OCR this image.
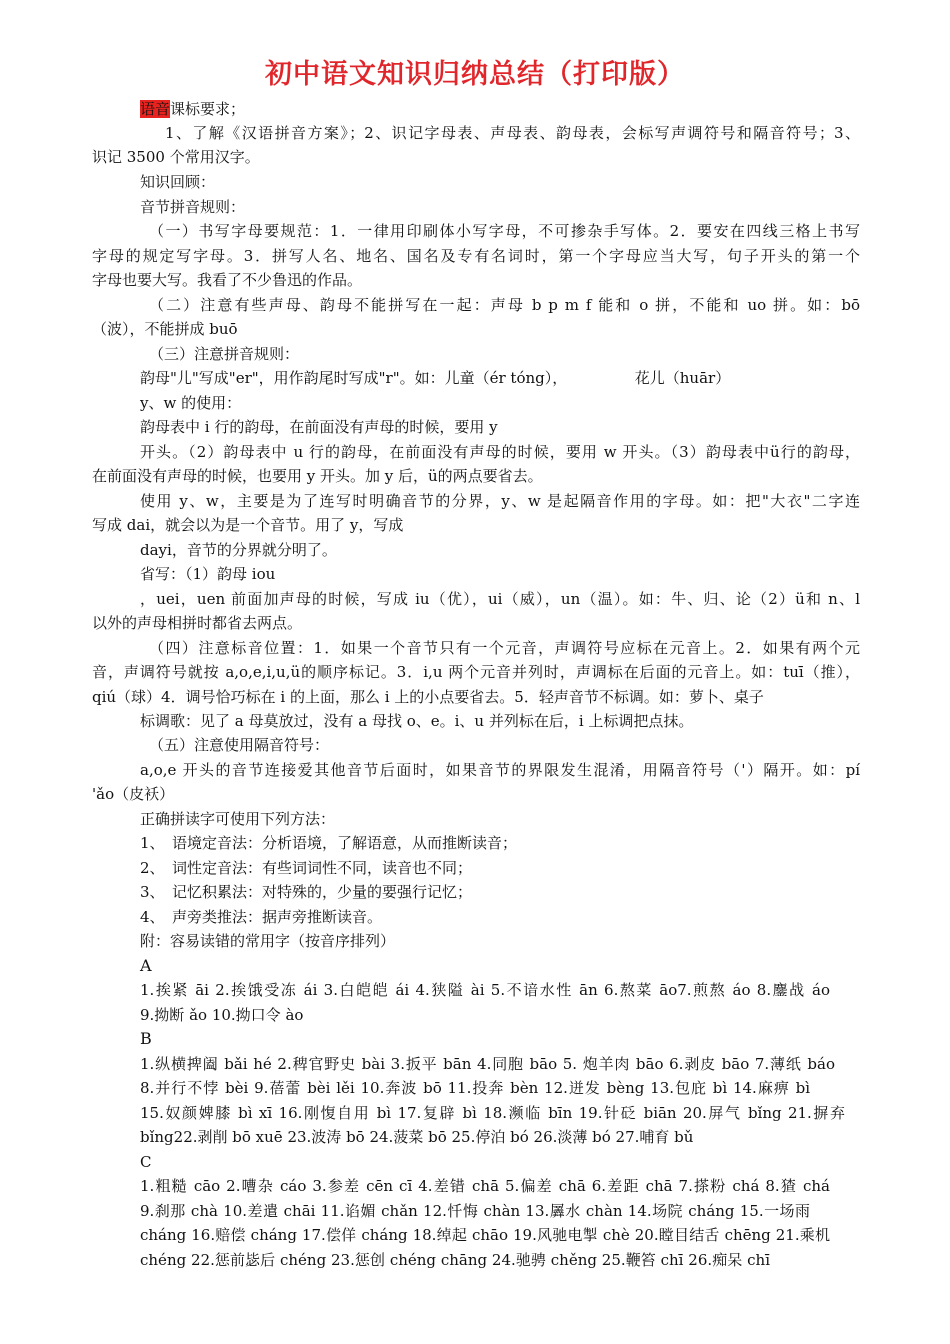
初中语文知识归纳总结（打印版）
语音课标要求；
1、了解《汉语拼音方案》；2、识记字母表、声母表、韵母表，会标写声调符号和隔音符号；3、
识记 3500 个常用汉字。
知识回顾：
音节拼音规则：
（一）书写字母要规范：1．一律用印刷体小写字母，不可掺杂手写体。2．要安在四线三格上书写
字母的规定写字母。3．拼写人名、地名、国名及专有名词时，第一个字母应当大写，句子开头的第一个
字母也要大写。我看了不少鲁迅的作品。
（二）注意有些声母、韵母不能拼写在一起：声母 b p m f 能和 o 拼，不能和 uo 拼。如：bō
（波），不能拼成 buō
（三）注意拼音规则：
韵母"儿"写成"er"，用作韵尾时写成"r"。如：儿童（ér tóng），　　　　　花儿（huār）
y、w 的使用：
韵母表中 i 行的韵母，在前面没有声母的时候，要用 y
开头。（2）韵母表中 u 行的韵母，在前面没有声母的时候，要用 w 开头。（3）韵母表中ü行的韵母，
在前面没有声母的时候，也要用 y 开头。加 y 后，ü的两点要省去。
使用 y、w，主要是为了连写时明确音节的分界，y、w 是起隔音作用的字母。如：把"大衣"二字连
写成 dai，就会以为是一个音节。用了 y，写成
dayi，音节的分界就分明了。
省写：（1）韵母 iou
，uei，uen 前面加声母的时候，写成 iu（优），ui（威），un（温）。如：牛、归、论（2）ü和 n、l
以外的声母相拼时都省去两点。
（四）注意标音位置：1．如果一个音节只有一个元音，声调符号应标在元音上。2．如果有两个元
音，声调符号就按 a,o,e,i,u,ü的顺序标记。3．i,u 两个元音并列时，声调标在后面的元音上。如：tuī（推），
qiú（球）4．调号恰巧标在 i 的上面，那么 i 上的小点要省去。5．轻声音节不标调。如：萝卜、桌子
标调歌：见了 a 母莫放过，没有 a 母找 o、e。i、u 并列标在后，i 上标调把点抹。
（五）注意使用隔音符号：
a,o,e 开头的音节连接爱其他音节后面时，如果音节的界限发生混淆，用隔音符号（'）隔开。如：pí
'ǎo（皮袄）
正确拼读字可使用下列方法：
1、　语境定音法：分析语境，了解语意，从而推断读音；
2、　词性定音法：有些词词性不同，读音也不同；
3、　记忆积累法：对特殊的，少量的要强行记忆；
4、　声旁类推法：据声旁推断读音。
附：容易读错的常用字（按音序排列）
A
1.挨紧 āi 2.挨饿受冻 ái 3.白皑皑 ái 4.狭隘 ài 5.不谙水性 ān 6.熬菜 āo7.煎熬 áo 8.鏖战 áo
9.拗断 ǎo 10.拗口令 ào
B
1.纵横捭阖 bǎi hé 2.稗官野史 bài 3.扳平 bān 4.同胞 bāo 5. 炮羊肉 bāo 6.剥皮 bāo 7.薄纸 báo
8.并行不悖 bèi 9.蓓蕾 bèi lěi 10.奔波 bō 11.投奔 bèn 12.迸发 bèng 13.包庇 bì 14.麻痹 bì
15.奴颜婢膝 bì xī 16.刚愎自用 bì 17.复辟 bì 18.濒临 bīn 19.针砭 biān 20.屏气 bǐng 21.摒弃
bǐng22.剥削 bō xuē 23.波涛 bō 24.菠菜 bō 25.停泊 bó 26.淡薄 bó 27.哺育 bǔ
C
1.粗糙 cāo 2.嘈杂 cáo 3.参差 cēn cī 4.差错 chā 5.偏差 chā 6.差距 chā 7.搽粉 chá 8.猹 chá
9.刹那 chà 10.差遣 chāi 11.谄媚 chǎn 12.忏悔 chàn 13.羼水 chàn 14.场院 cháng 15.一场雨
cháng 16.赔偿 cháng 17.偿佯 cháng 18.绰起 chāo 19.风驰电掣 chè 20.瞠目结舌 chēng 21.乘机
chéng 22.惩前毖后 chéng 23.惩创 chéng chāng 24.驰骋 chěng 25.鞭笞 chī 26.痴呆 chī
